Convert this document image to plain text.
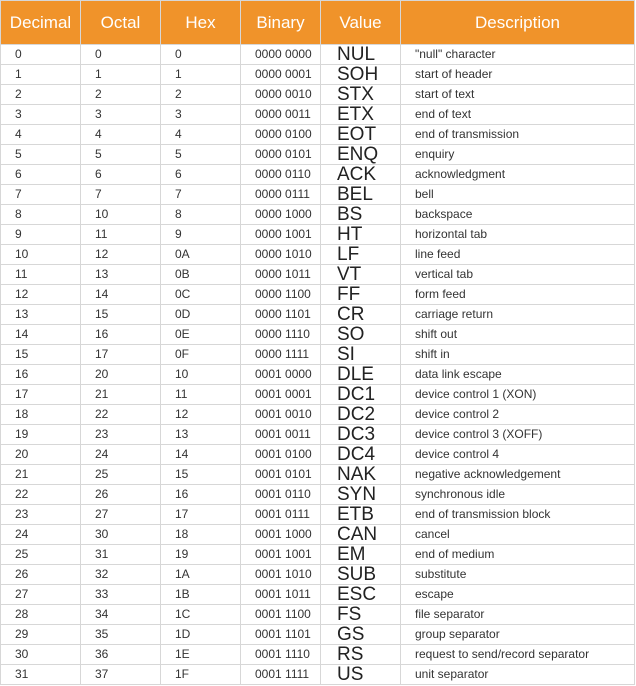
Decimal	Octal	Hex	Binary	Value	Description
0	0	0	0000 0000	NUL	"null" character
1	1	1	0000 0001	SOH	start of header
2	2	2	0000 0010	STX	start of text
3	3	3	0000 0011	ETX	end of text
4	4	4	0000 0100	EOT	end of transmission
5	5	5	0000 0101	ENQ	enquiry
6	6	6	0000 0110	ACK	acknowledgment
7	7	7	0000 0111	BEL	bell
8	10	8	0000 1000	BS	backspace
9	11	9	0000 1001	HT	horizontal tab
10	12	0A	0000 1010	LF	line feed
11	13	0B	0000 1011	VT	vertical tab
12	14	0C	0000 1100	FF	form feed
13	15	0D	0000 1101	CR	carriage return
14	16	0E	0000 1110	SO	shift out
15	17	0F	0000 1111	SI	shift in
16	20	10	0001 0000	DLE	data link escape
17	21	11	0001 0001	DC1	device control 1 (XON)
18	22	12	0001 0010	DC2	device control 2
19	23	13	0001 0011	DC3	device control 3 (XOFF)
20	24	14	0001 0100	DC4	device control 4
21	25	15	0001 0101	NAK	negative acknowledgement
22	26	16	0001 0110	SYN	synchronous idle
23	27	17	0001 0111	ETB	end of transmission block
24	30	18	0001 1000	CAN	cancel
25	31	19	0001 1001	EM	end of medium
26	32	1A	0001 1010	SUB	substitute
27	33	1B	0001 1011	ESC	escape
28	34	1C	0001 1100	FS	file separator
29	35	1D	0001 1101	GS	group separator
30	36	1E	0001 1110	RS	request to send/record separator
31	37	1F	0001 1111	US	unit separator
